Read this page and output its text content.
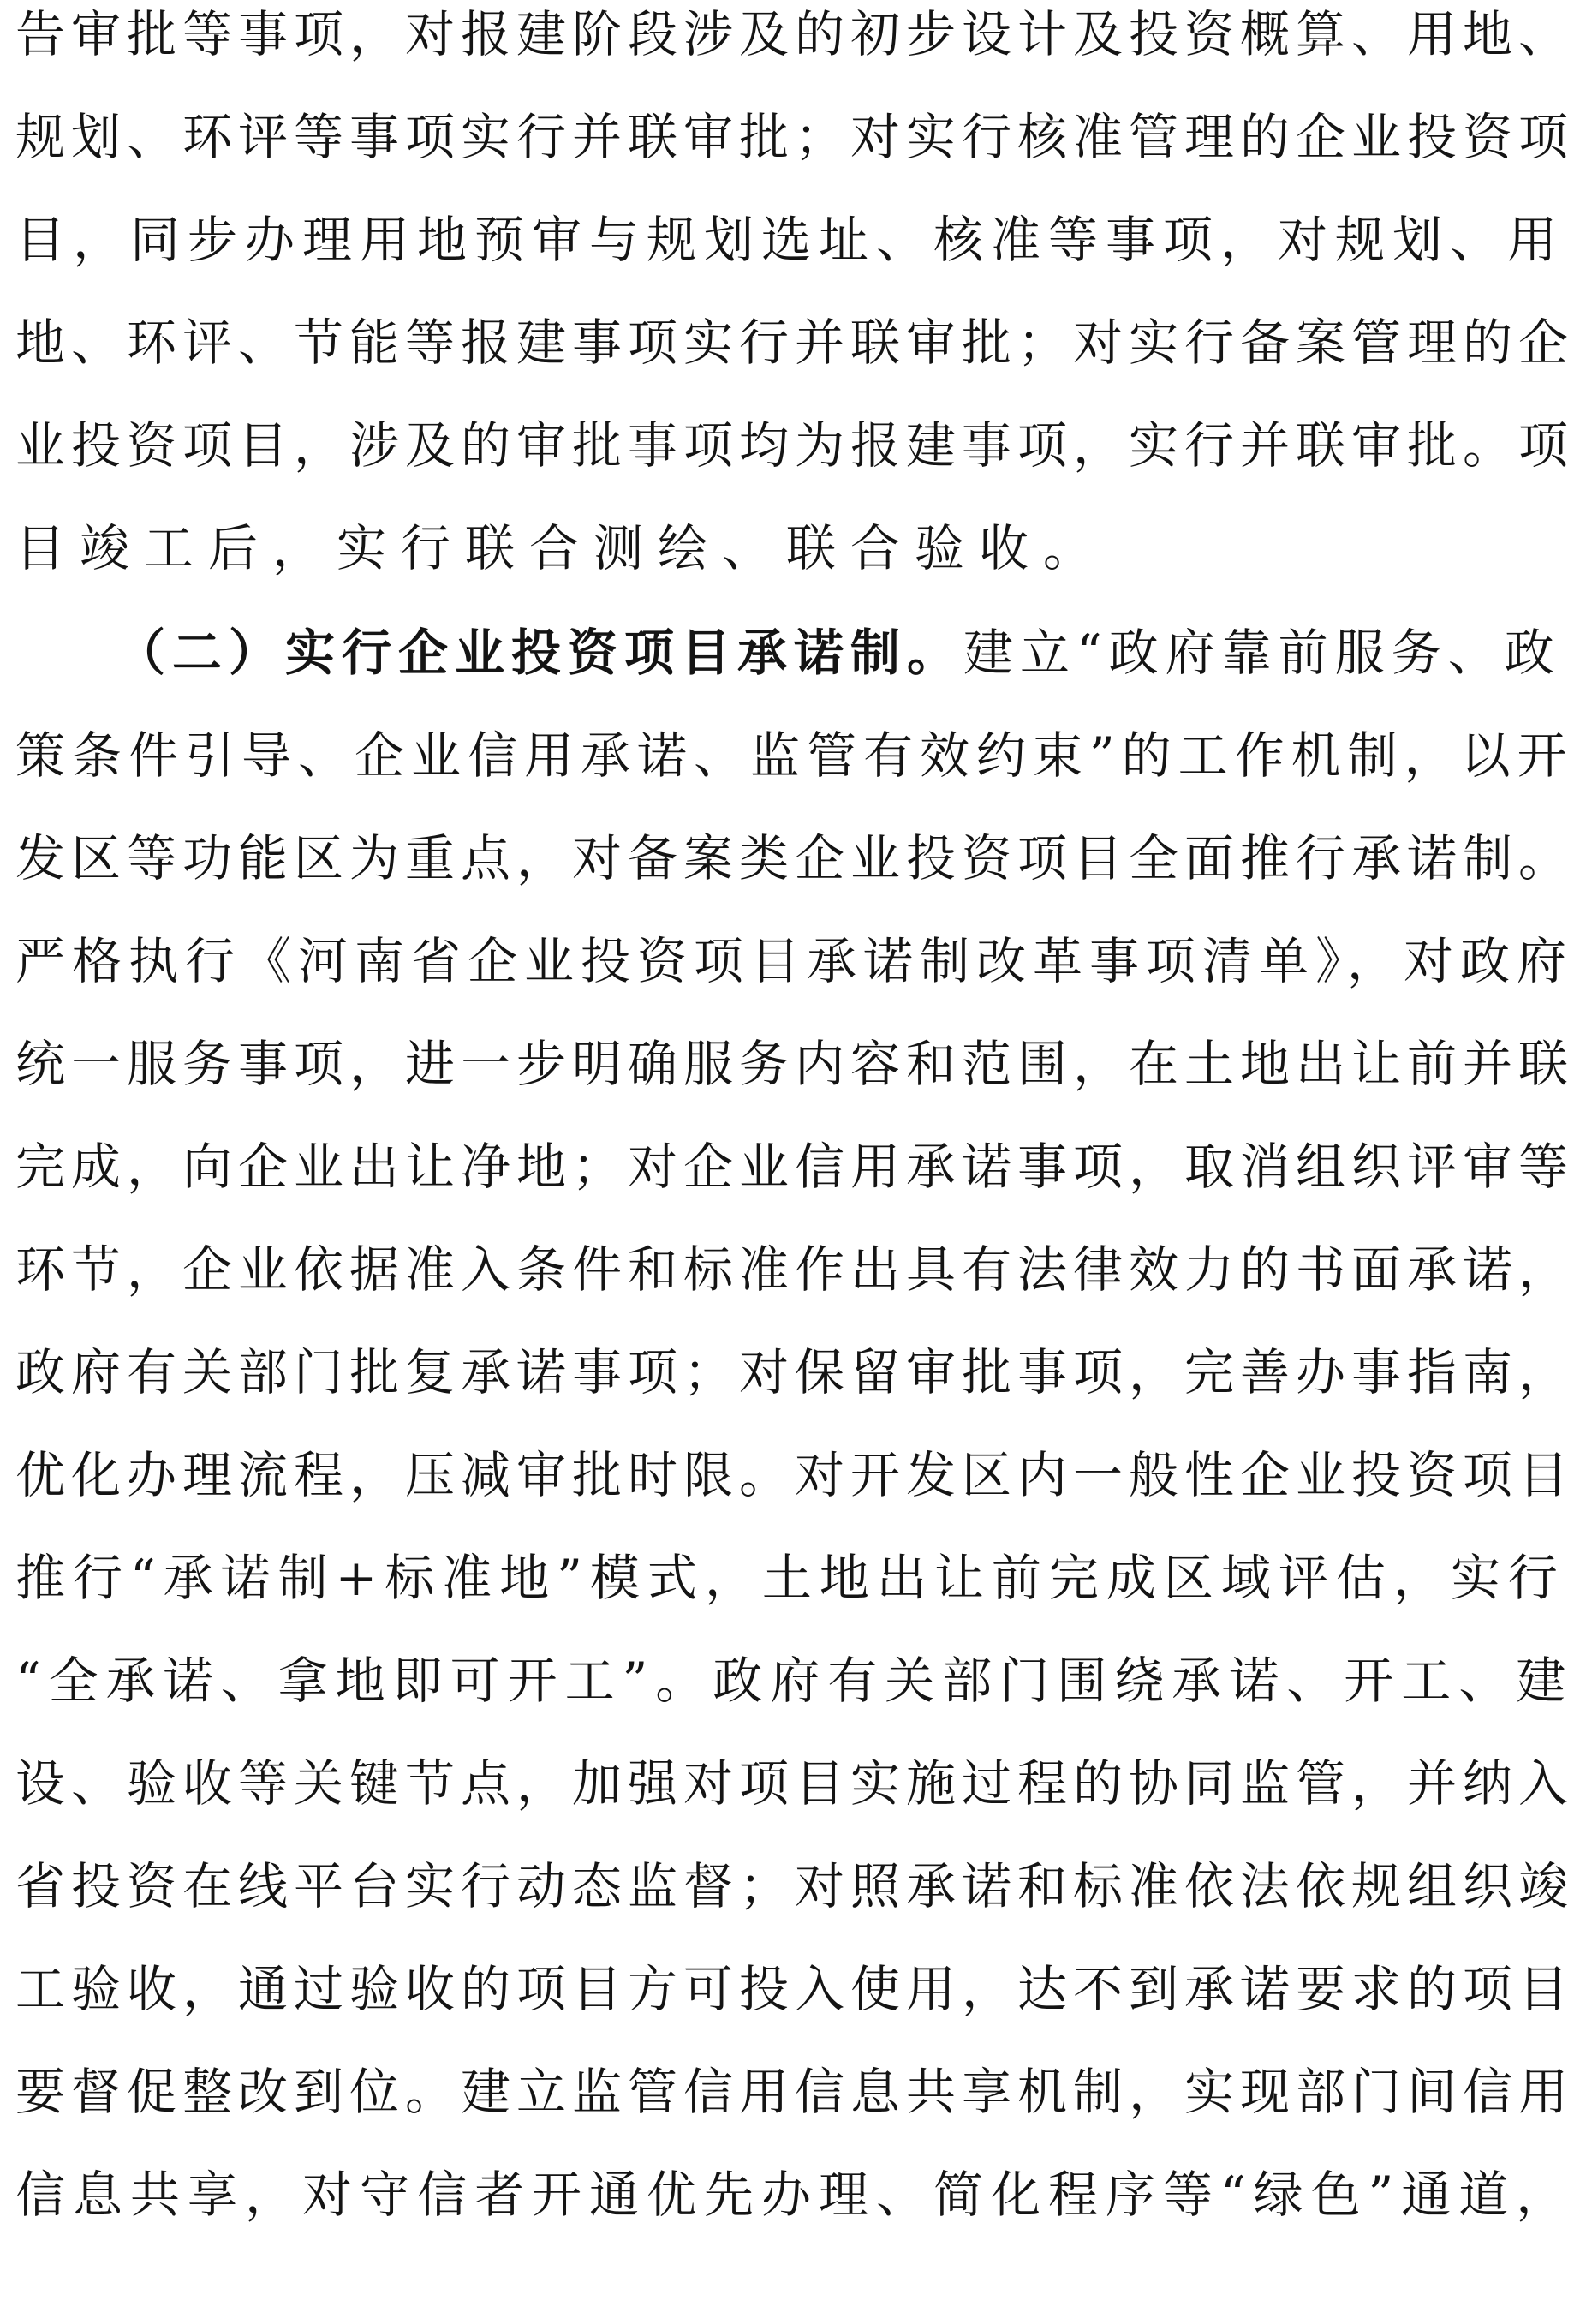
告审批等事项，对报建阶段涉及的初步设计及投资概算、用地、
规划、环评等事项实行并联审批；对实行核准管理的企业投资项
目，同步办理用地预审与规划选址、核准等事项，对规划、用
地、环评、节能等报建事项实行并联审批；对实行备案管理的企
业投资项目，涉及的审批事项均为报建事项，实行并联审批。项
目竣工后，实行联合测绘、联合验收。
（二）实行企业投资项目承诺制。建立“政府靠前服务、政
策条件引导、企业信用承诺、监管有效约束”的工作机制，以开
发区等功能区为重点，对备案类企业投资项目全面推行承诺制。
严格执行《河南省企业投资项目承诺制改革事项清单》，对政府
统一服务事项，进一步明确服务内容和范围，在土地出让前并联
完成，向企业出让净地；对企业信用承诺事项，取消组织评审等
环节，企业依据准入条件和标准作出具有法律效力的书面承诺，
政府有关部门批复承诺事项；对保留审批事项，完善办事指南，
优化办理流程，压减审批时限。对开发区内一般性企业投资项目
推行“承诺制+标准地”模式，土地出让前完成区域评估，实行
“全承诺、拿地即可开工”。政府有关部门围绕承诺、开工、建
设、验收等关键节点，加强对项目实施过程的协同监管，并纳入
省投资在线平台实行动态监督；对照承诺和标准依法依规组织竣
工验收，通过验收的项目方可投入使用，达不到承诺要求的项目
要督促整改到位。建立监管信用信息共享机制，实现部门间信用
信息共享，对守信者开通优先办理、简化程序等“绿色”通道，
